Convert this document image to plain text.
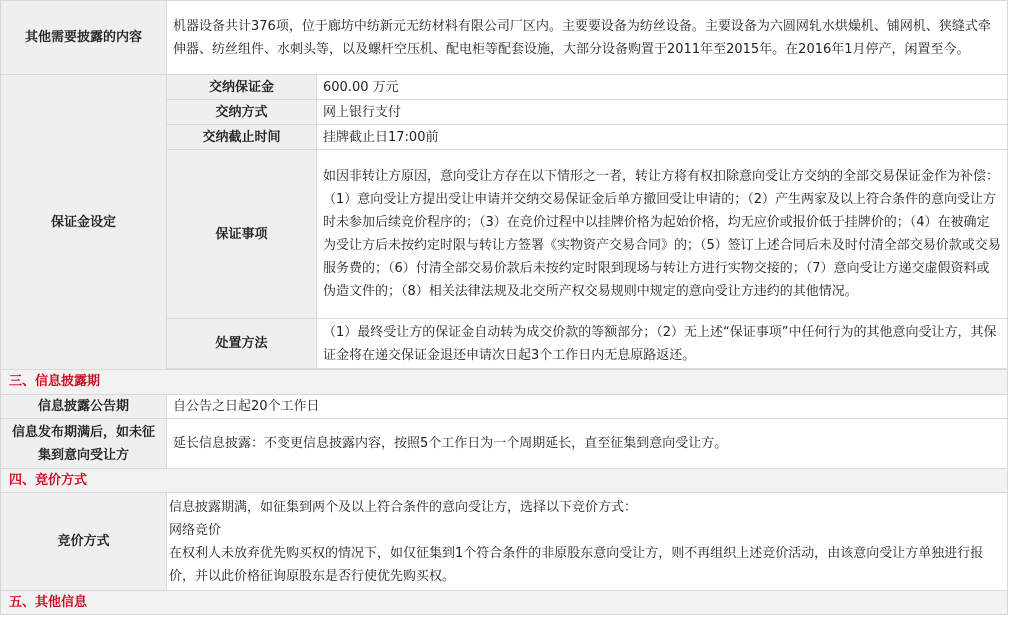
其他需要披露的内容	机器设备共计376项，位于廊坊中纺新元无纺材料有限公司厂区内。主要要设备为纺丝设备。主要设备为六圆网轧水烘燥机、铺网机、狭缝式牵伸器、纺丝组件、水刺头等，以及螺杆空压机、配电柜等配套设施，大部分设备购置于2011年至2015年。在2016年1月停产，闲置至今。	
保证金设定	交纳保证金	600.00 万元
	交纳方式	网上银行支付
	交纳截止时间	挂牌截止日17:00前
	保证事项	如因非转让方原因，意向受让方存在以下情形之一者，转让方将有权扣除意向受让方交纳的全部交易保证金作为补偿：（1）意向受让方提出受让申请并交纳交易保证金后单方撤回受让申请的；（2）产生两家及以上符合条件的意向受让方时未参加后续竞价程序的；（3）在竞价过程中以挂牌价格为起始价格，均无应价或报价低于挂牌价的；（4）在被确定为受让方后未按约定时限与转让方签署《实物资产交易合同》的；（5）签订上述合同后未及时付清全部交易价款或交易服务费的；（6）付清全部交易价款后未按约定时限到现场与转让方进行实物交接的；（7）意向受让方递交虚假资料或伪造文件的；（8）相关法律法规及北交所产权交易规则中规定的意向受让方违约的其他情况。
	处置方法	（1）最终受让方的保证金自动转为成交价款的等额部分；（2）无上述“保证事项”中任何行为的其他意向受让方，其保证金将在递交保证金退还申请次日起3个工作日内无息原路返还。

三、信息披露期		
信息披露公告期	自公告之日起20个工作日	
信息发布期满后，如未征集到意向受让方	延长信息披露：不变更信息披露内容，按照5个工作日为一个周期延长，直至征集到意向受让方。	
四、竞价方式		
竞价方式	信息披露期满，如征集到两个及以上符合条件的意向受让方，选择以下竞价方式：
网络竞价
在权利人未放弃优先购买权的情况下，如仅征集到1个符合条件的非原股东意向受让方，则不再组织上述竞价活动，由该意向受让方单独进行报价，并以此价格征询原股东是否行使优先购买权。	

五、其他信息		
